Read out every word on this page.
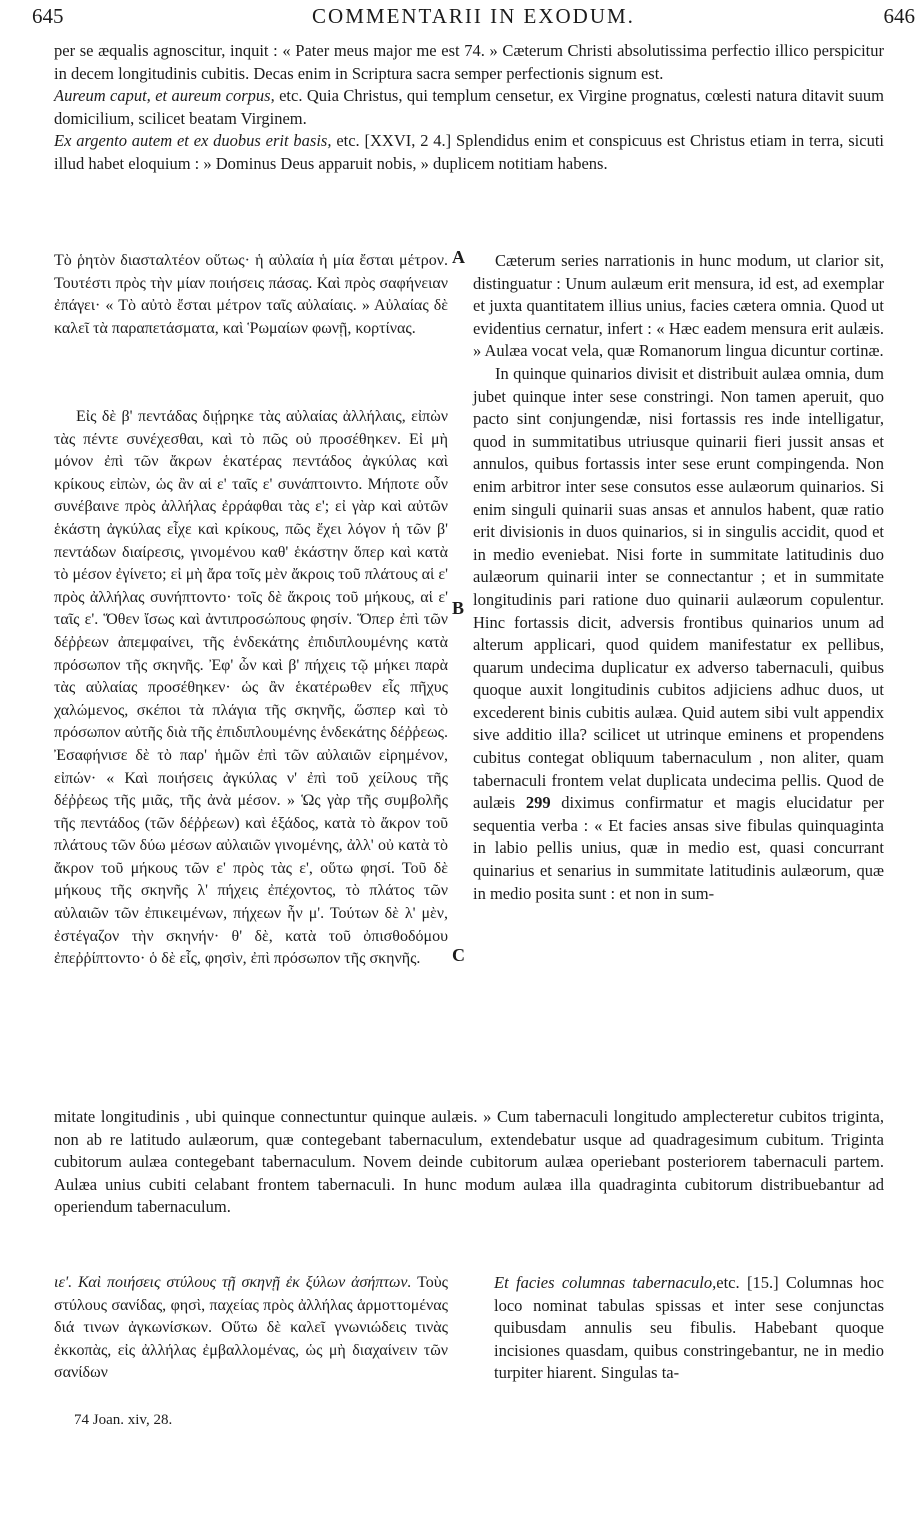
645	COMMENTARII IN EXODUM.	646

per se æqualis agnoscitur, inquit : « Pater meus major me est 74. » Cæterum Christi absolutissima perfectio illico perspicitur in decem longitudinis cubitis. Decas enim in Scriptura sacra semper perfectionis signum est.

Aureum caput, et aureum corpus, etc. Quia Christus, qui templum censetur, ex Virgine prognatus, cœlesti natura ditavit suum domicilium, scilicet beatam Virginem.

Ex argento autem et ex duobus erit basis, etc. [XXVI, 2 4.] Splendidus enim et conspicuus est Christus etiam in terra, sicuti illud habet eloquium : » Dominus Deus apparuit nobis, » duplicem notitiam habens.

Τὸ ῥητὸν διασταλτέον οὕτως· ἡ αὐλαία ἡ μία ἔσται μέτρον. Τουτέστι πρὸς τὴν μίαν ποιήσεις πάσας. Καὶ πρὸς σαφήνειαν ἐπάγει· « Τὸ αὐτὸ ἔσται μέτρον ταῖς αὐλαίαις. » Αὐλαίας δὲ καλεῖ τὰ παραπετάσματα, καὶ Ῥωμαίων φωνῇ, κορτίνας.

Εἰς δὲ β' πεντάδας διῄρηκε τὰς αὐλαίας ἀλλήλαις, εἰπὼν τὰς πέντε συνέχεσθαι, καὶ τὸ πῶς οὐ προσέθηκεν. Εἰ μὴ μόνον ἐπὶ τῶν ἄκρων ἑκατέρας πεντάδος ἀγκύλας καὶ κρίκους εἰπὼν, ὡς ἂν αἱ ε' ταῖς ε' συνάπτοιντο. Μήποτε οὖν συνέβαινε πρὸς ἀλλήλας ἐρράφθαι τὰς ε'; εἰ γὰρ καὶ αὐτῶν ἑκάστη ἀγκύλας εἶχε καὶ κρίκους, πῶς ἔχει λόγον ἡ τῶν β' πεντάδων διαίρεσις, γινομένου καθ' ἑκάστην ὅπερ καὶ κατὰ τὸ μέσον ἐγίνετο; εἰ μὴ ἄρα τοῖς μὲν ἄκροις τοῦ πλάτους αἱ ε' πρὸς ἀλλήλας συνήπτοντο· τοῖς δὲ ἄκροις τοῦ μήκους, αἱ ε' ταῖς ε'. Ὅθεν ἴσως καὶ ἀντιπροσώπους φησίν. Ὅπερ ἐπὶ τῶν δέῤῥεων ἀπεμφαίνει, τῆς ἑνδεκάτης ἐπιδιπλουμένης κατὰ πρόσωπον τῆς σκηνῆς. Ἐφ' ὧν καὶ β' πήχεις τῷ μήκει παρὰ τὰς αὐλαίας προσέθηκεν· ὡς ἂν ἑκατέρωθεν εἷς πῆχυς χαλώμενος, σκέποι τὰ πλάγια τῆς σκηνῆς, ὥσπερ καὶ τὸ πρόσωπον αὐτῆς διὰ τῆς ἐπιδιπλουμένης ἑνδεκάτης δέῤῥεως. Ἐσαφήνισε δὲ τὸ παρ' ἡμῶν ἐπὶ τῶν αὐλαιῶν εἰρημένον, εἰπών· « Καὶ ποιήσεις ἀγκύλας ν' ἐπὶ τοῦ χείλους τῆς δέῤῥεως τῆς μιᾶς, τῆς ἀνὰ μέσον. » Ὡς γὰρ τῆς συμβολῆς τῆς πεντάδος (τῶν δέῤῥεων) καὶ ἑξάδος, κατὰ τὸ ἄκρον τοῦ πλάτους τῶν δύω μέσων αὐλαιῶν γινομένης, ἀλλ' οὐ κατὰ τὸ ἄκρον τοῦ μήκους τῶν ε' πρὸς τὰς ε', οὕτω φησί. Τοῦ δὲ μήκους τῆς σκηνῆς λ' πήχεις ἐπέχοντος, τὸ πλάτος τῶν αὐλαιῶν τῶν ἐπικειμένων, πήχεων ἦν μ'. Τούτων δὲ λ' μὲν, ἐστέγαζον τὴν σκηνήν· θ' δὲ, κατὰ τοῦ ὀπισθοδόμου ἐπεῤῥίπτοντο· ὁ δὲ εἷς, φησὶν, ἐπὶ πρόσωπον τῆς σκηνῆς.

Cæterum series narrationis in hunc modum, ut clarior sit, distinguatur : Unum aulæum erit mensura, id est, ad exemplar et juxta quantitatem illius unius, facies cætera omnia. Quod ut evidentius cernatur, infert : « Hæc eadem mensura erit aulæis. » Aulæa vocat vela, quæ Romanorum lingua dicuntur cortinæ.

In quinque quinarios divisit et distribuit aulæa omnia, dum jubet quinque inter sese constringi. Non tamen aperuit, quo pacto sint conjungendæ, nisi fortassis res inde intelligatur, quod in summitatibus utriusque quinarii fieri jussit ansas et annulos, quibus fortassis inter sese erunt compingenda. Non enim arbitror inter sese consutos esse aulæorum quinarios. Si enim singuli quinarii suas ansas et annulos habent, quæ ratio erit divisionis in duos quinarios, si in singulis accidit, quod et in medio eveniebat. Nisi forte in summitate latitudinis duo aulæorum quinarii inter se connectantur ; et in summitate longitudinis pari ratione duo quinarii aulæorum copulentur. Hinc fortassis dicit, adversis frontibus quinarios unum ad alterum applicari, quod quidem manifestatur ex pellibus, quarum undecima duplicatur ex adverso tabernaculi, quibus quoque auxit longitudinis cubitos adjiciens adhuc duos, ut excederent binis cubitis aulæa. Quid autem sibi vult appendix sive additio illa? scilicet ut utrinque eminens et propendens cubitus contegat obliquum tabernaculum , non aliter, quam tabernaculi frontem velat duplicata undecima pellis. Quod de aulæis 299 diximus confirmatur et magis elucidatur per sequentia verba : « Et facies ansas sive fibulas quinquaginta in labio pellis unius, quæ in medio est, quasi concurrant quinarius et senarius in summitate latitudinis aulæorum, quæ in medio posita sunt : et non in sum-

A
B
C
mitate longitudinis , ubi quinque connectuntur quinque aulæis. » Cum tabernaculi longitudo amplecteretur cubitos triginta, non ab re latitudo aulæorum, quæ contegebant tabernaculum, extendebatur usque ad quadragesimum cubitum. Triginta cubitorum aulæa contegebant tabernaculum. Novem deinde cubitorum aulæa operiebant posteriorem tabernaculi partem. Aulæa unius cubiti celabant frontem tabernaculi. In hunc modum aulæa illa quadraginta cubitorum distribuebantur ad operiendum tabernaculum.
ιε'. Καὶ ποιήσεις στύλους τῇ σκηνῇ ἐκ ξύλων ἀσήπτων. Τοὺς στύλους σανίδας, φησὶ, παχείας πρὸς ἀλλήλας ἁρμοττομένας διά τινων ἀγκωνίσκων. Οὕτω δὲ καλεῖ γνωνιώδεις τινὰς ἐκκοπὰς, εἰς ἀλλήλας ἐμβαλλομένας, ὡς μὴ διαχαίνειν τῶν σανίδων
Et facies columnas tabernaculo,etc. [15.] Columnas hoc loco nominat tabulas spissas et inter sese conjunctas quibusdam annulis seu fibulis. Habebant quoque incisiones quasdam, quibus constringebantur, ne in medio turpiter hiarent. Singulas ta-
74 Joan. xiv, 28.
